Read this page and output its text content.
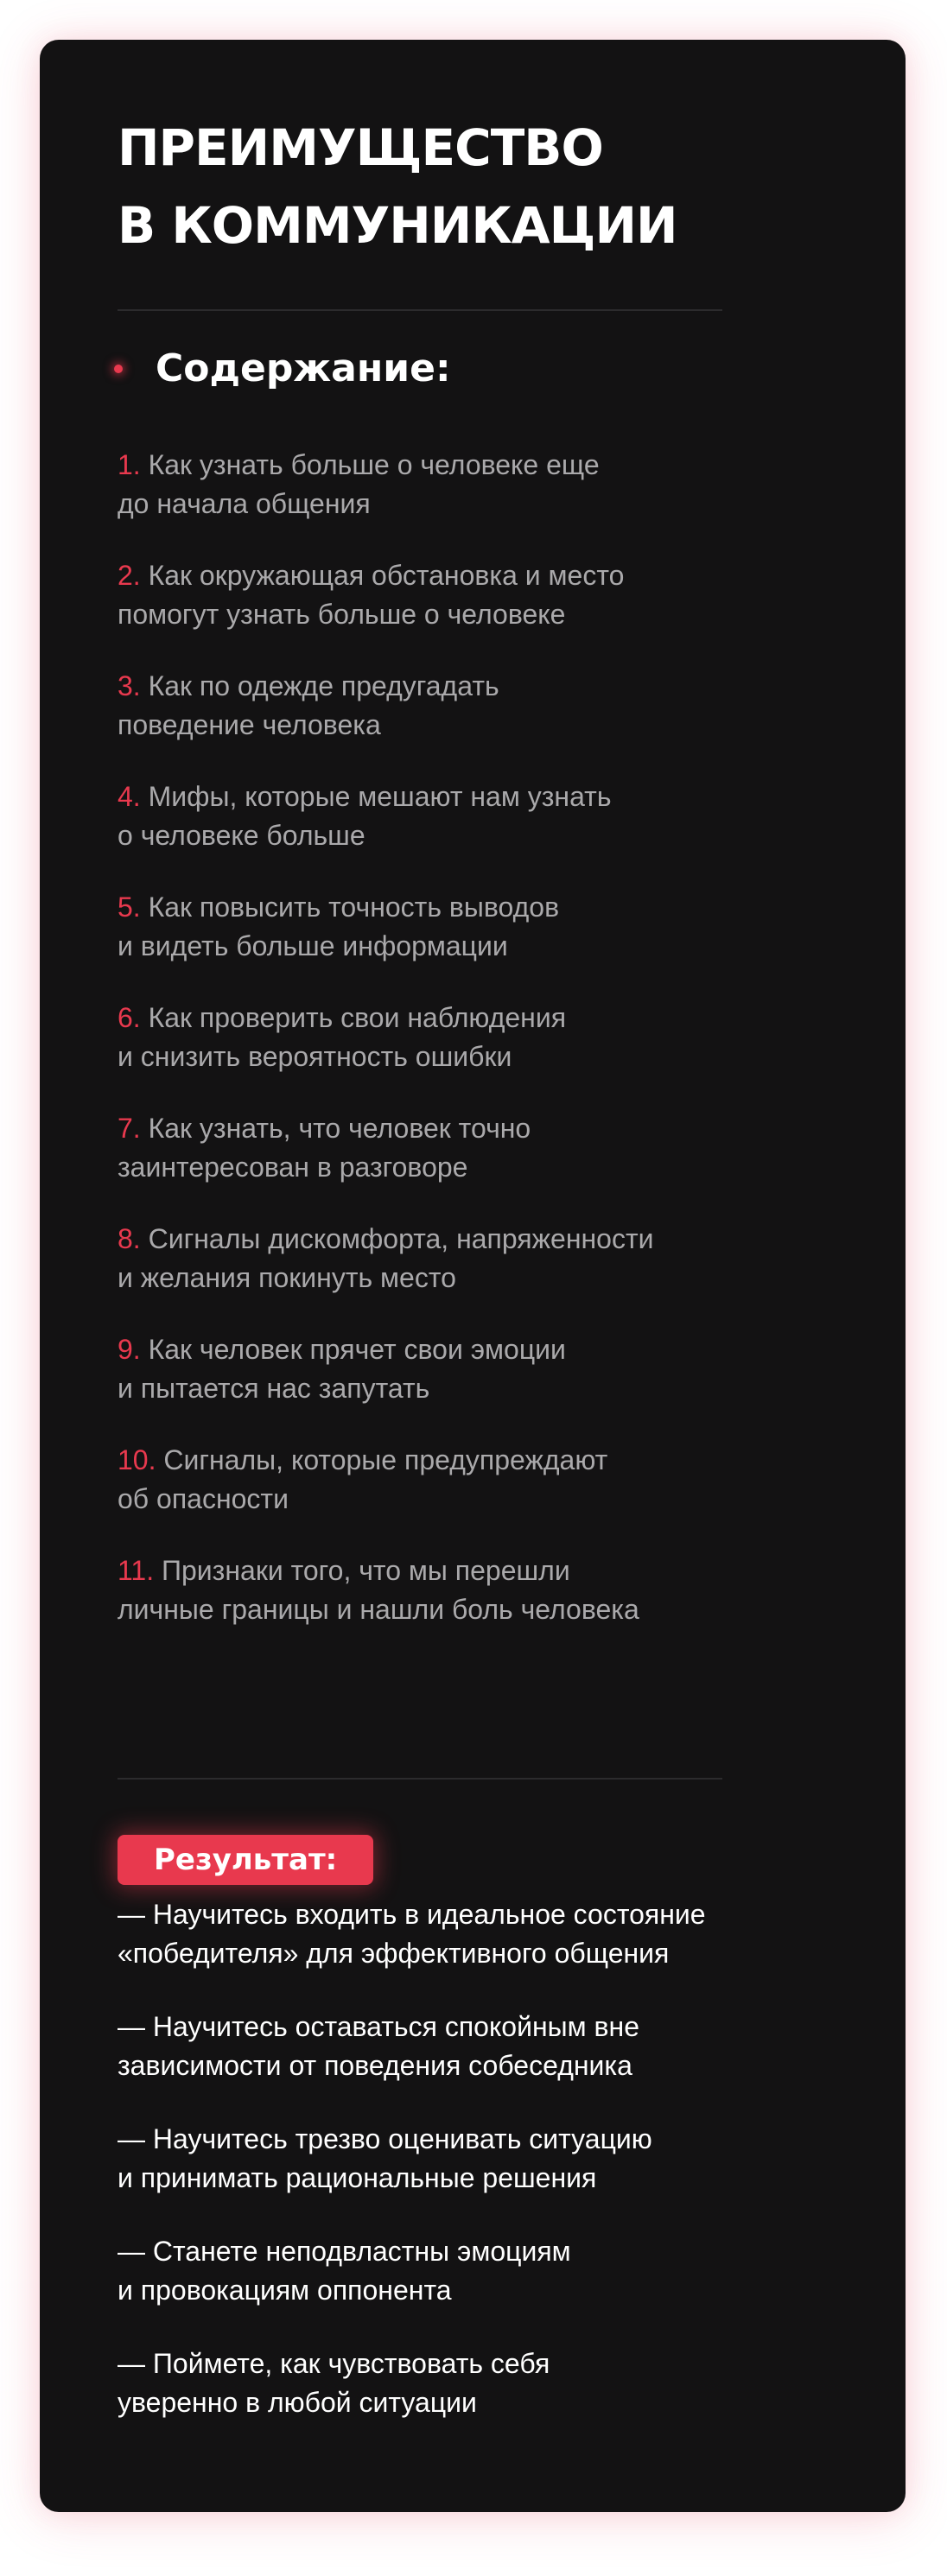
ПРЕИМУЩЕСТВО
В КОММУНИКАЦИИ
Содержание:
1. Как узнать больше о человеке еще
до начала общения
2. Как окружающая обстановка и место
помогут узнать больше о человеке
3. Как по одежде предугадать
поведение человека
4. Мифы, которые мешают нам узнать
о человеке больше
5. Как повысить точность выводов
и видеть больше информации
6. Как проверить свои наблюдения
и снизить вероятность ошибки
7. Как узнать, что человек точно
заинтересован в разговоре
8. Сигналы дискомфорта, напряженности
и желания покинуть место
9. Как человек прячет свои эмоции
и пытается нас запутать
10. Сигналы, которые предупреждают
об опасности
11. Признаки того, что мы перешли
личные границы и нашли боль человека
Результат:
— Научитесь входить в идеальное состояние
«победителя» для эффективного общения
— Научитесь оставаться спокойным вне
зависимости от поведения собеседника
— Научитесь трезво оценивать ситуацию
и принимать рациональные решения
— Станете неподвластны эмоциям
и провокациям оппонента
— Поймете, как чувствовать себя
уверенно в любой ситуации
